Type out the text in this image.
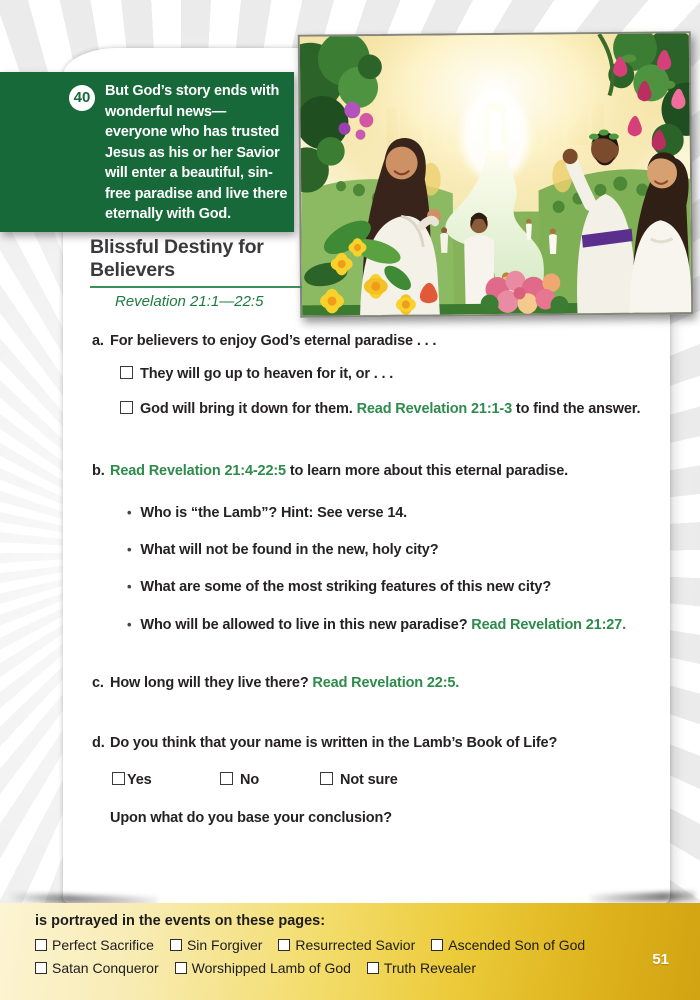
40	But God’s story ends with wonderful news— everyone who has trusted Jesus as his or her Savior will enter a beautiful, sin-free paradise and live there eternally with God.
Blissful Destiny for
Believers
Revelation 21:1—22:5
a. For believers to enjoy God’s eternal paradise . . .
They will go up to heaven for it, or . . .
God will bring it down for them. Read Revelation 21:1-3 to find the answer.
b. Read Revelation 21:4-22:5 to learn more about this eternal paradise.
• Who is “the Lamb”? Hint: See verse 14.
• What will not be found in the new, holy city?
• What are some of the most striking features of this new city?
• Who will be allowed to live in this new paradise? Read Revelation 21:27.
c. How long will they live there? Read Revelation 22:5.
d. Do you think that your name is written in the Lamb’s Book of Life?
Yes	No	Not sure
Upon what do you base your conclusion?
is portrayed in the events on these pages:
Perfect Sacrifice	Sin Forgiver	Resurrected Savior	Ascended Son of God
Satan Conqueror	Worshipped Lamb of God	Truth Revealer	51
